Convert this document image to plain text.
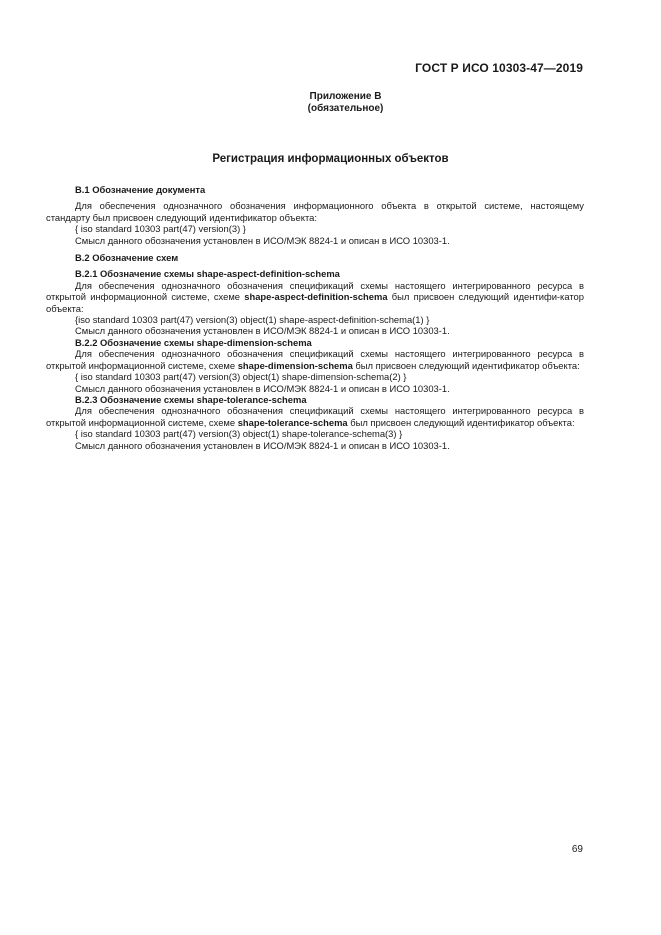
ГОСТ Р ИСО 10303-47—2019
Приложение В
(обязательное)
Регистрация информационных объектов

В.1 Обозначение документа

Для обеспечения однозначного обозначения информационного объекта в открытой системе, настоящему стандарту был присвоен следующий идентификатор объекта:

{ iso standard 10303 part(47) version(3) }

Смысл данного обозначения установлен в ИСО/МЭК 8824-1 и описан в ИСО 10303-1.

В.2 Обозначение схем

В.2.1 Обозначение схемы shape-aspect-definition-schema

Для обеспечения однозначного обозначения спецификаций схемы настоящего интегрированного ресурса в открытой информационной системе, схеме shape-aspect-definition-schema был присвоен следующий идентифи-катор объекта:

{iso standard 10303 part(47) version(3) object(1) shape-aspect-definition-schema(1) }

Смысл данного обозначения установлен в ИСО/МЭК 8824-1 и описан в ИСО 10303-1.

В.2.2 Обозначение схемы shape-dimension-schema

Для обеспечения однозначного обозначения спецификаций схемы настоящего интегрированного ресурса в открытой информационной системе, схеме shape-dimension-schema был присвоен следующий идентификатор объекта:

{ iso standard 10303 part(47) version(3) object(1) shape-dimension-schema(2) }

Смысл данного обозначения установлен в ИСО/МЭК 8824-1 и описан в ИСО 10303-1.

В.2.3 Обозначение схемы shape-tolerance-schema

Для обеспечения однозначного обозначения спецификаций схемы настоящего интегрированного ресурса в открытой информационной системе, схеме shape-tolerance-schema был присвоен следующий идентификатор объекта:

{ iso standard 10303 part(47) version(3) object(1) shape-tolerance-schema(3) }

Смысл данного обозначения установлен в ИСО/МЭК 8824-1 и описан в ИСО 10303-1.

69
